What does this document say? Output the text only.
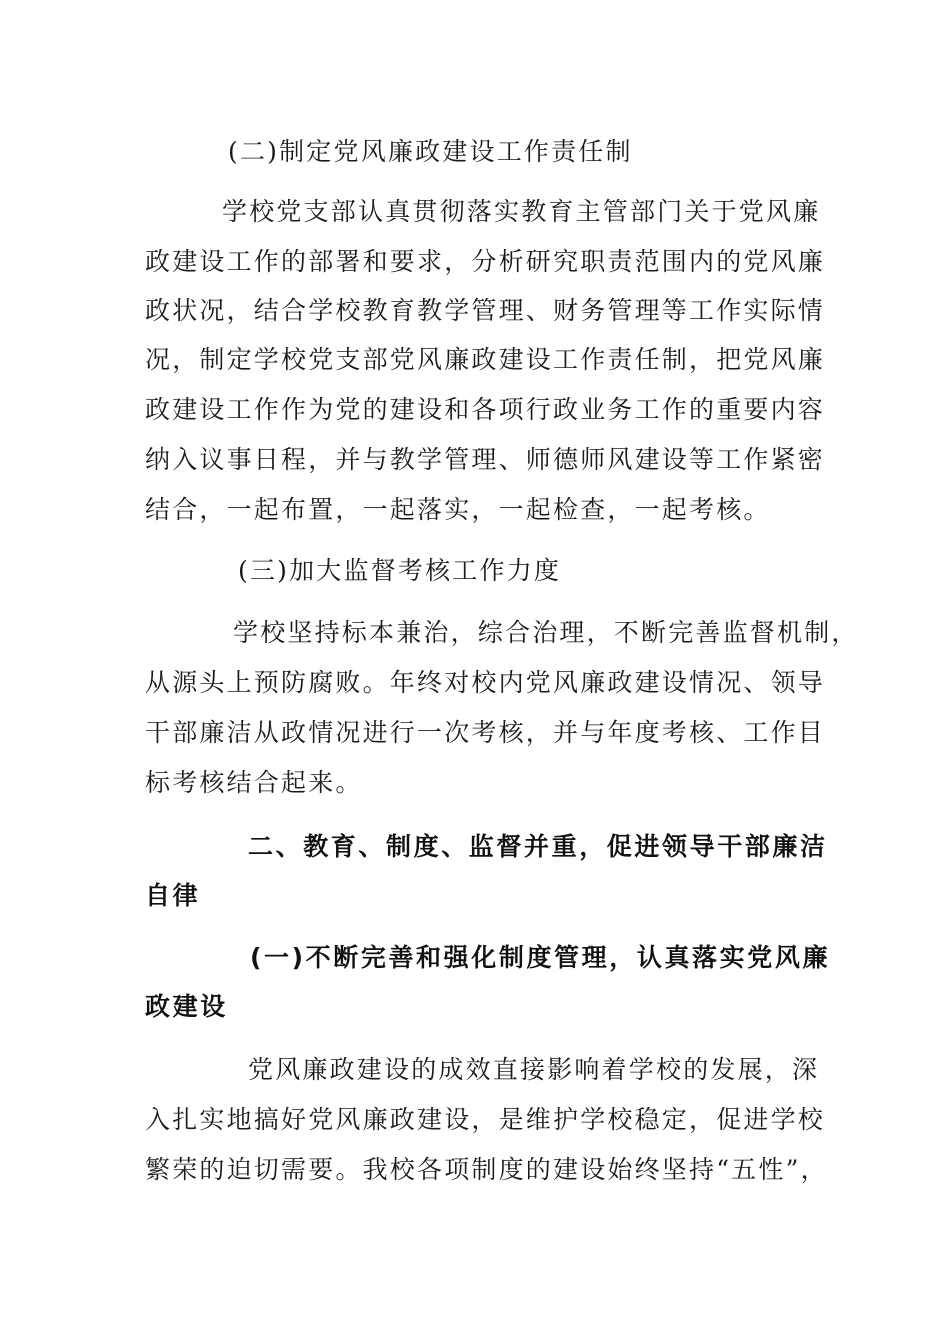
(二)制定党风廉政建设工作责任制
学校党支部认真贯彻落实教育主管部门关于党风廉
政建设工作的部署和要求，分析研究职责范围内的党风廉
政状况，结合学校教育教学管理、财务管理等工作实际情
况，制定学校党支部党风廉政建设工作责任制，把党风廉
政建设工作作为党的建设和各项行政业务工作的重要内容
纳入议事日程，并与教学管理、师德师风建设等工作紧密
结合，一起布置，一起落实，一起检查，一起考核。
(三)加大监督考核工作力度
学校坚持标本兼治，综合治理，不断完善监督机制，
从源头上预防腐败。年终对校内党风廉政建设情况、领导
干部廉洁从政情况进行一次考核，并与年度考核、工作目
标考核结合起来。
二、教育、制度、监督并重，促进领导干部廉洁
自律
(一)不断完善和强化制度管理，认真落实党风廉
政建设
党风廉政建设的成效直接影响着学校的发展，深
入扎实地搞好党风廉政建设，是维护学校稳定，促进学校
繁荣的迫切需要。我校各项制度的建设始终坚持“五性”，
